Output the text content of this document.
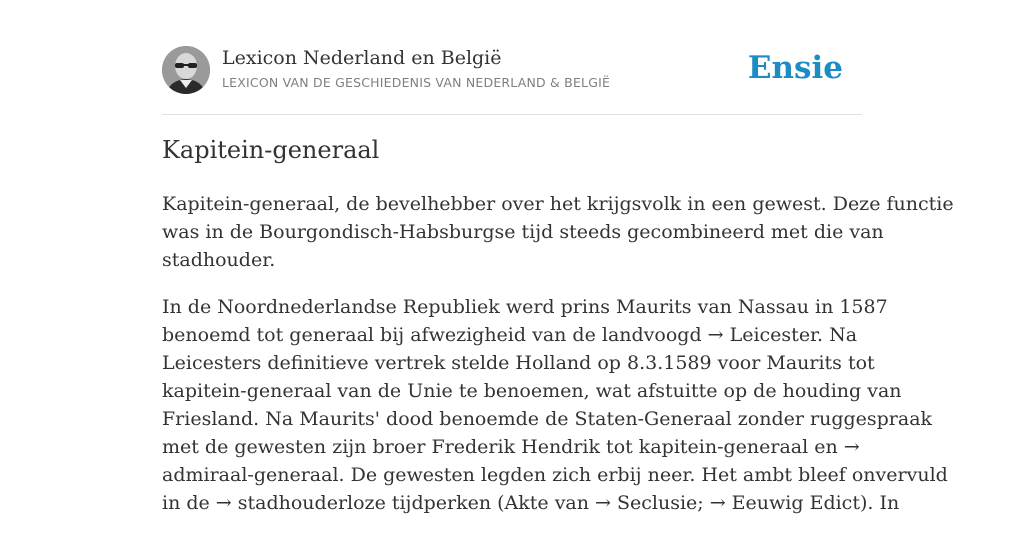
Lexicon Nederland en België
LEXICON VAN DE GESCHIEDENIS VAN NEDERLAND & BELGIË	Ensie
Kapitein-generaal

Kapitein-generaal, de bevelhebber over het krijgsvolk in een gewest. Deze functie
was in de Bourgondisch-Habsburgse tijd steeds gecombineerd met die van
stadhouder.

In de Noordnederlandse Republiek werd prins Maurits van Nassau in 1587
benoemd tot generaal bij afwezigheid van de landvoogd → Leicester. Na
Leicesters definitieve vertrek stelde Holland op 8.3.1589 voor Maurits tot
kapitein-generaal van de Unie te benoemen, wat afstuitte op de houding van
Friesland. Na Maurits' dood benoemde de Staten-Generaal zonder ruggespraak
met de gewesten zijn broer Frederik Hendrik tot kapitein-generaal en →
admiraal-generaal. De gewesten legden zich erbij neer. Het ambt bleef onvervuld
in de → stadhouderloze tijdperken (Akte van → Seclusie; → Eeuwig Edict). In
